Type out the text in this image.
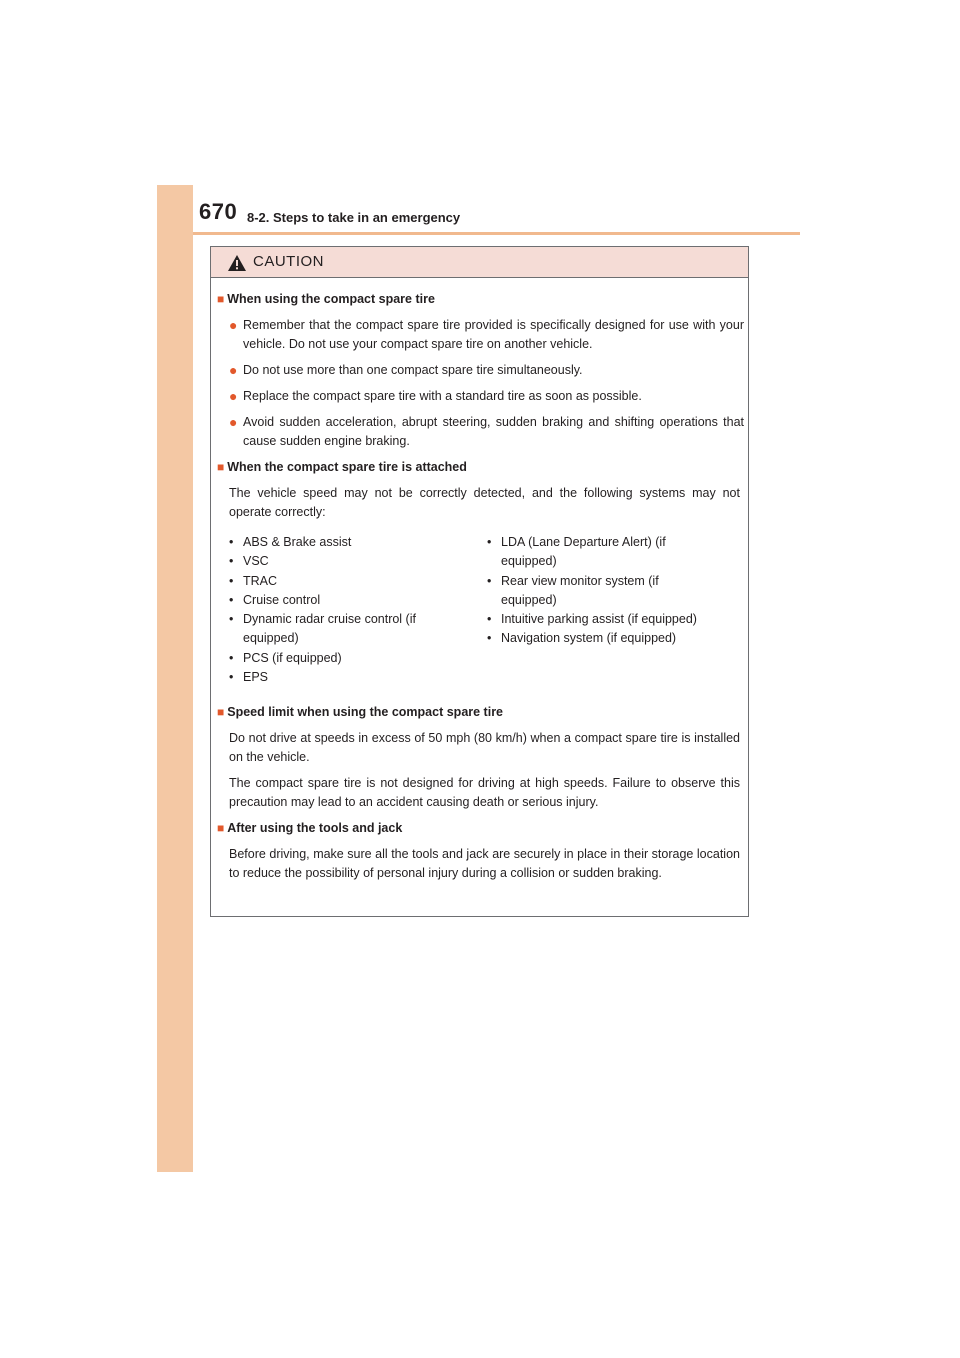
670 8-2. Steps to take in an emergency
CAUTION
■ When using the compact spare tire
● Remember that the compact spare tire provided is specifically designed for use with your vehicle. Do not use your compact spare tire on another vehicle.
● Do not use more than one compact spare tire simultaneously.
● Replace the compact spare tire with a standard tire as soon as possible.
● Avoid sudden acceleration, abrupt steering, sudden braking and shifting operations that cause sudden engine braking.
■ When the compact spare tire is attached
The vehicle speed may not be correctly detected, and the following systems may not operate correctly:
• ABS & Brake assist
• VSC
• TRAC
• Cruise control
• Dynamic radar cruise control (if equipped)
• PCS (if equipped)
• EPS
• LDA (Lane Departure Alert) (if equipped)
• Rear view monitor system (if equipped)
• Intuitive parking assist (if equipped)
• Navigation system (if equipped)
■ Speed limit when using the compact spare tire
Do not drive at speeds in excess of 50 mph (80 km/h) when a compact spare tire is installed on the vehicle.
The compact spare tire is not designed for driving at high speeds. Failure to observe this precaution may lead to an accident causing death or serious injury.
■ After using the tools and jack
Before driving, make sure all the tools and jack are securely in place in their storage location to reduce the possibility of personal injury during a collision or sudden braking.
